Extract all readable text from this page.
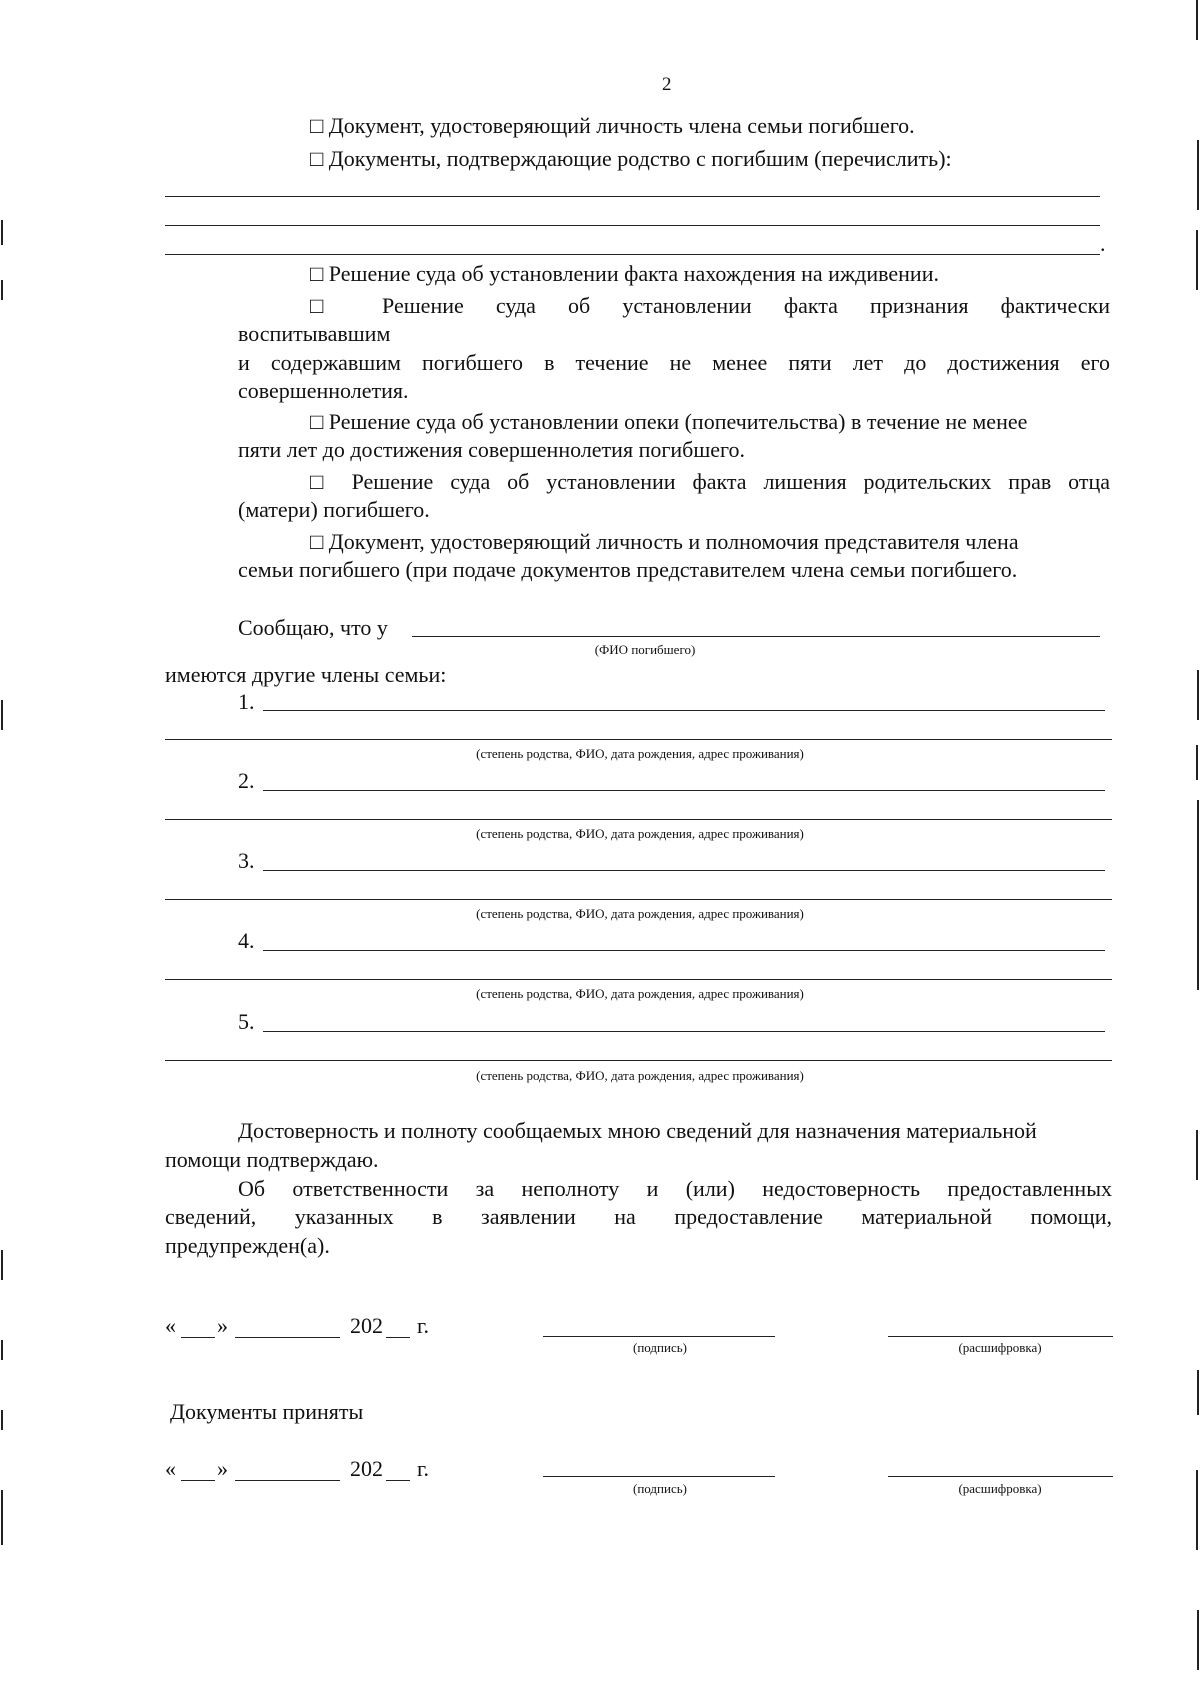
2
□ Документ, удостоверяющий личность члена семьи погибшего.
□ Документы, подтверждающие родство с погибшим (перечислить):
.
□ Решение суда об установлении факта нахождения на иждивении.
□ Решение суда об установлении факта признания фактически
воспитывавшим
и содержавшим погибшего в течение не менее пяти лет до достижения его
совершеннолетия.
□ Решение суда об установлении опеки (попечительства) в течение не менее
пяти лет до достижения совершеннолетия погибшего.
□ Решение суда об установлении факта лишения родительских прав отца
(матери) погибшего.
□ Документ, удостоверяющий личность и полномочия представителя члена
семьи погибшего (при подаче документов представителем члена семьи погибшего.
Сообщаю, что у
(ФИО погибшего)
имеются другие члены семьи:
1.
(степень родства, ФИО, дата рождения, адрес проживания)
2.
(степень родства, ФИО, дата рождения, адрес проживания)
3.
(степень родства, ФИО, дата рождения, адрес проживания)
4.
(степень родства, ФИО, дата рождения, адрес проживания)
5.
(степень родства, ФИО, дата рождения, адрес проживания)
Достоверность и полноту сообщаемых мною сведений для назначения материальной
помощи подтверждаю.
Об ответственности за неполноту и (или) недостоверность предоставленных
сведений, указанных в заявлении на предоставление материальной помощи,
предупрежден(а).
« »	202 г.
(подпись)	(расшифровка)
Документы приняты
« »	202 г.
(подпись)	(расшифровка)
